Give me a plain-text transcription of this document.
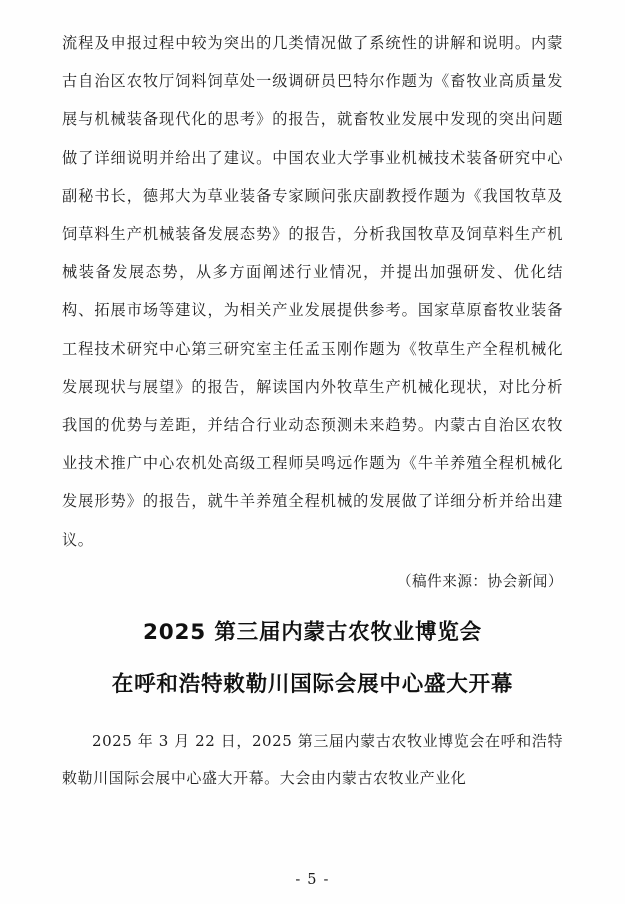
流程及申报过程中较为突出的几类情况做了系统性的讲解和说明。内蒙古自治区农牧厅饲料饲草处一级调研员巴特尔作题为《畜牧业高质量发展与机械装备现代化的思考》的报告，就畜牧业发展中发现的突出问题做了详细说明并给出了建议。中国农业大学事业机械技术装备研究中心副秘书长，德邦大为草业装备专家顾问张庆副教授作题为《我国牧草及饲草料生产机械装备发展态势》的报告，分析我国牧草及饲草料生产机械装备发展态势，从多方面阐述行业情况，并提出加强研发、优化结构、拓展市场等建议，为相关产业发展提供参考。国家草原畜牧业装备工程技术研究中心第三研究室主任孟玉刚作题为《牧草生产全程机械化发展现状与展望》的报告，解读国内外牧草生产机械化现状，对比分析我国的优势与差距，并结合行业动态预测未来趋势。内蒙古自治区农牧业技术推广中心农机处高级工程师吴鸣远作题为《牛羊养殖全程机械化发展形势》的报告，就牛羊养殖全程机械的发展做了详细分析并给出建议。

（稿件来源：协会新闻）
2025 第三届内蒙古农牧业博览会
在呼和浩特敕勒川国际会展中心盛大开幕

2025 年 3 月 22 日，2025 第三届内蒙古农牧业博览会在呼和浩特敕勒川国际会展中心盛大开幕。大会由内蒙古农牧业产业化

- 5 -
